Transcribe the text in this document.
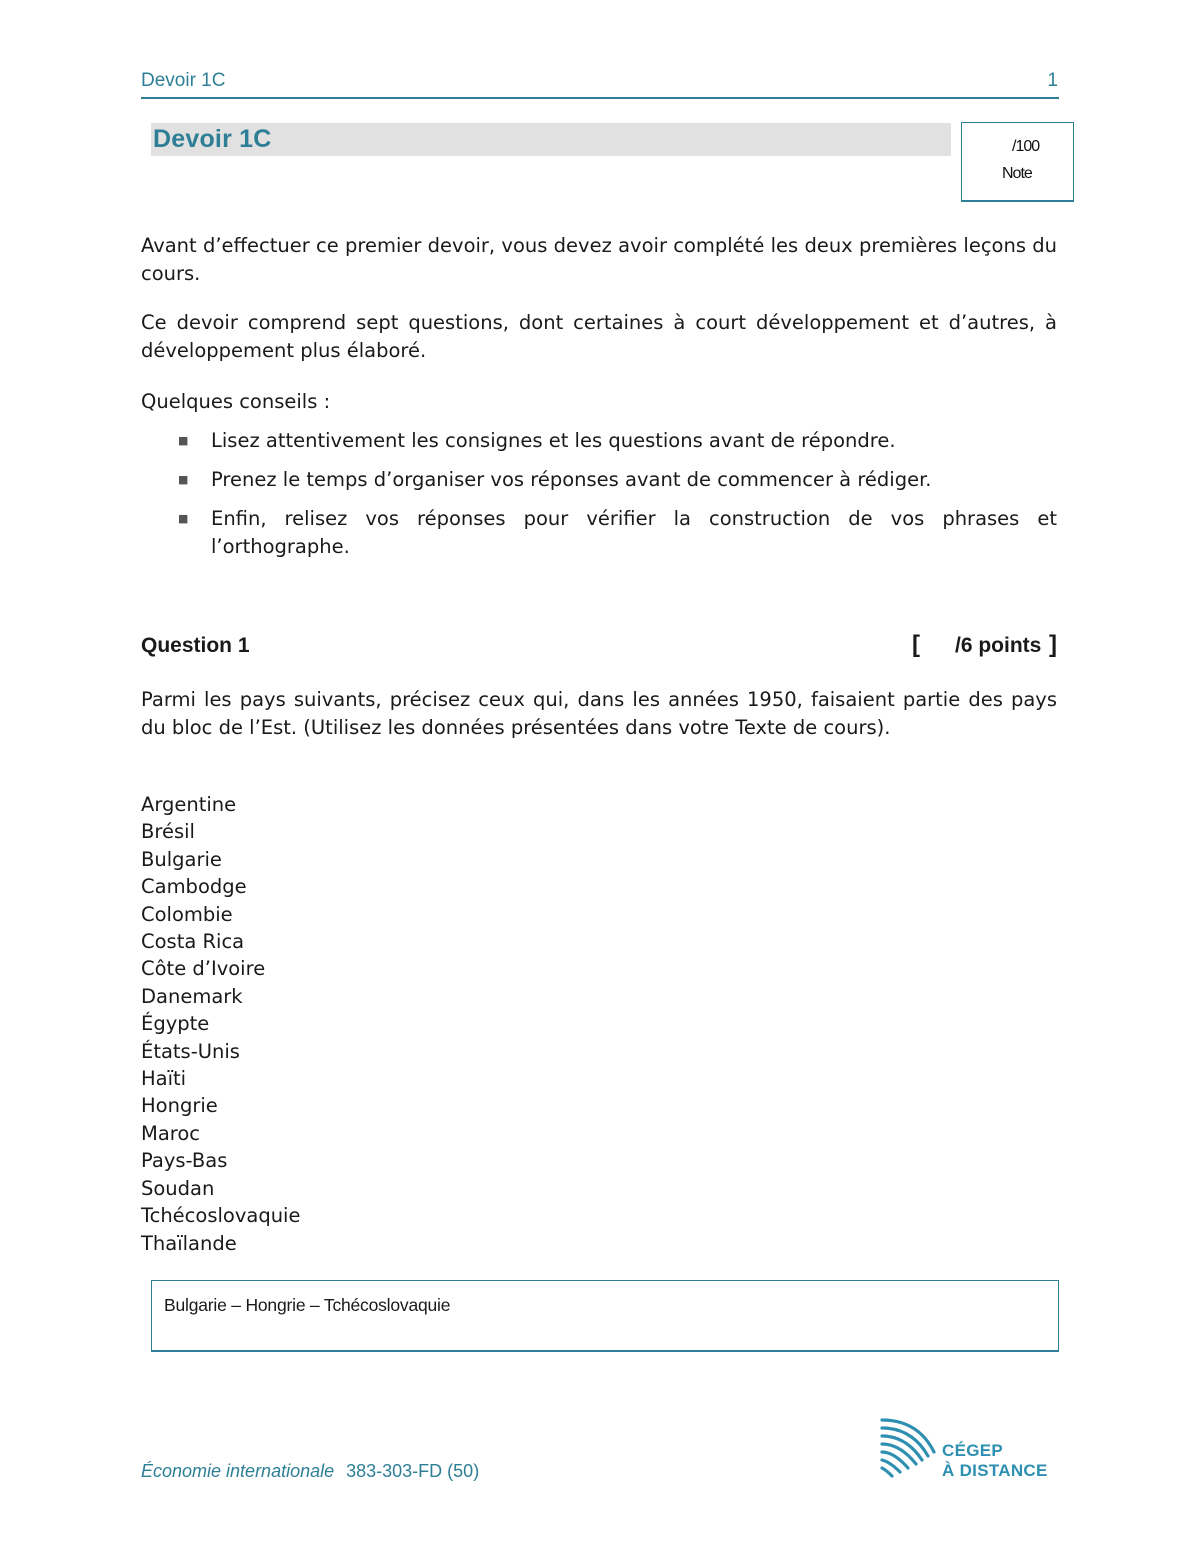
Devoir 1C	1
Devoir 1C	/100
Note
Avant d’effectuer ce premier devoir, vous devez avoir complété les deux premières leçons du cours.
Ce devoir comprend sept questions, dont certaines à court développement et d’autres, à développement plus élaboré.
Quelques conseils :
■ Lisez attentivement les consignes et les questions avant de répondre.
■ Prenez le temps d’organiser vos réponses avant de commencer à rédiger.
■ Enfin, relisez vos réponses pour vérifier la construction de vos phrases et l’orthographe.
Question 1	[ /6 points ]
Parmi les pays suivants, précisez ceux qui, dans les années 1950, faisaient partie des pays du bloc de l’Est. (Utilisez les données présentées dans votre Texte de cours).
Argentine
Brésil
Bulgarie
Cambodge
Colombie
Costa Rica
Côte d’Ivoire
Danemark
Égypte
États-Unis
Haïti
Hongrie
Maroc
Pays-Bas
Soudan
Tchécoslovaquie
Thaïlande
Bulgarie – Hongrie – Tchécoslovaquie
Économie internationale 383-303-FD (50)
CÉGEP
À DISTANCE
